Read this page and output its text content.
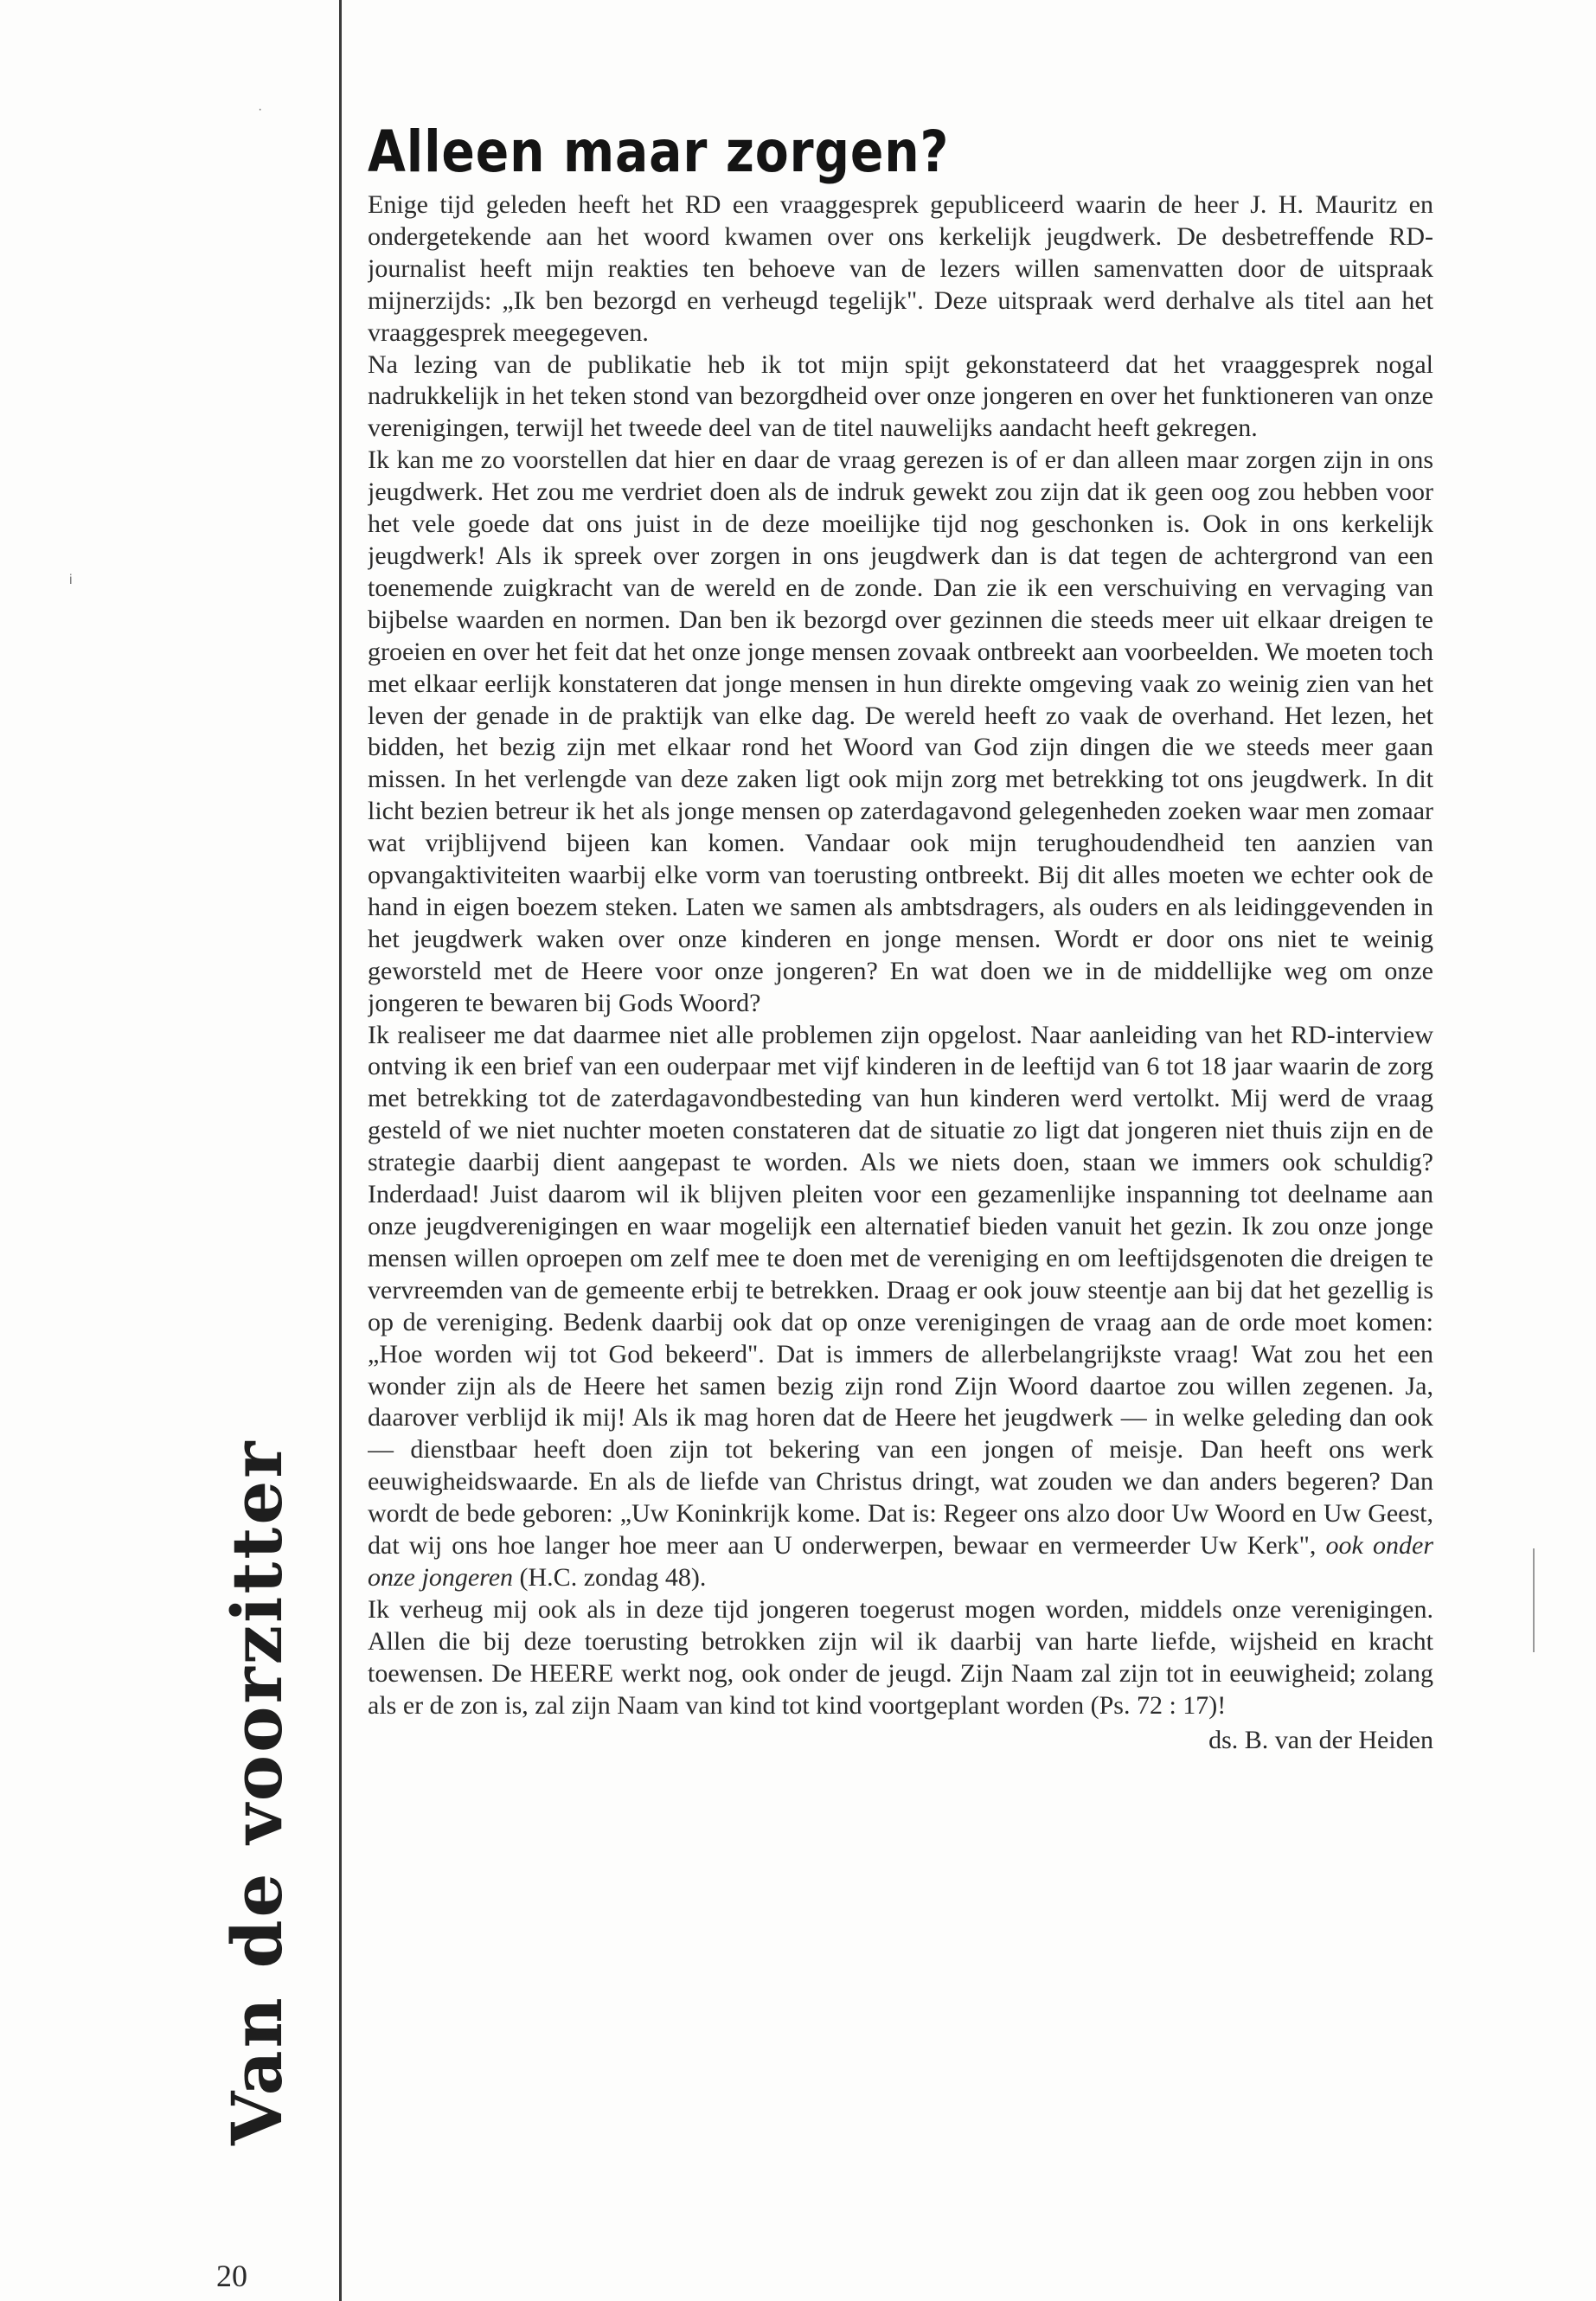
·
i
Van de voorzitter
20
Alleen maar zorgen?

Enige tijd geleden heeft het RD een vraaggesprek gepubliceerd waarin de heer J. H. Mauritz en ondergetekende aan het woord kwamen over ons kerkelijk jeugdwerk. De desbetreffende RD-journalist heeft mijn reakties ten behoeve van de lezers willen samenvatten door de uitspraak mijnerzijds: „Ik ben bezorgd en verheugd tegelijk". Deze uitspraak werd derhalve als titel aan het vraaggesprek meegegeven.

Na lezing van de publikatie heb ik tot mijn spijt gekonstateerd dat het vraaggesprek nogal nadrukkelijk in het teken stond van bezorgdheid over onze jongeren en over het funktioneren van onze verenigingen, terwijl het tweede deel van de titel nauwelijks aandacht heeft gekregen.

Ik kan me zo voorstellen dat hier en daar de vraag gerezen is of er dan alleen maar zorgen zijn in ons jeugdwerk. Het zou me verdriet doen als de indruk gewekt zou zijn dat ik geen oog zou hebben voor het vele goede dat ons juist in de deze moeilijke tijd nog geschonken is. Ook in ons kerkelijk jeugdwerk! Als ik spreek over zorgen in ons jeugdwerk dan is dat tegen de achtergrond van een toenemende zuigkracht van de wereld en de zonde. Dan zie ik een verschuiving en vervaging van bijbelse waarden en normen. Dan ben ik bezorgd over gezinnen die steeds meer uit elkaar dreigen te groeien en over het feit dat het onze jonge mensen zovaak ontbreekt aan voorbeelden. We moeten toch met elkaar eerlijk konstateren dat jonge mensen in hun direkte omgeving vaak zo weinig zien van het leven der genade in de praktijk van elke dag. De wereld heeft zo vaak de overhand. Het lezen, het bidden, het bezig zijn met elkaar rond het Woord van God zijn dingen die we steeds meer gaan missen. In het verlengde van deze zaken ligt ook mijn zorg met betrekking tot ons jeugdwerk. In dit licht bezien betreur ik het als jonge mensen op zaterdagavond gelegenheden zoeken waar men zomaar wat vrijblijvend bijeen kan komen. Vandaar ook mijn terughoudendheid ten aanzien van opvangaktiviteiten waarbij elke vorm van toerusting ontbreekt. Bij dit alles moeten we echter ook de hand in eigen boezem steken. Laten we samen als ambtsdragers, als ouders en als leidinggevenden in het jeugdwerk waken over onze kinderen en jonge mensen. Wordt er door ons niet te weinig geworsteld met de Heere voor onze jongeren? En wat doen we in de middellijke weg om onze jongeren te bewaren bij Gods Woord?

Ik realiseer me dat daarmee niet alle problemen zijn opgelost. Naar aanleiding van het RD-interview ontving ik een brief van een ouderpaar met vijf kinderen in de leeftijd van 6 tot 18 jaar waarin de zorg met betrekking tot de zaterdagavondbesteding van hun kinderen werd vertolkt. Mij werd de vraag gesteld of we niet nuchter moeten constateren dat de situatie zo ligt dat jongeren niet thuis zijn en de strategie daarbij dient aangepast te worden. Als we niets doen, staan we immers ook schuldig? Inderdaad! Juist daarom wil ik blijven pleiten voor een gezamenlijke inspanning tot deelname aan onze jeugdverenigingen en waar mogelijk een alternatief bieden vanuit het gezin. Ik zou onze jonge mensen willen oproepen om zelf mee te doen met de vereniging en om leeftijdsgenoten die dreigen te vervreemden van de gemeente erbij te betrekken. Draag er ook jouw steentje aan bij dat het gezellig is op de vereniging. Bedenk daarbij ook dat op onze verenigingen de vraag aan de orde moet komen: „Hoe worden wij tot God bekeerd". Dat is immers de allerbelangrijkste vraag! Wat zou het een wonder zijn als de Heere het samen bezig zijn rond Zijn Woord daartoe zou willen zegenen. Ja, daarover verblijd ik mij! Als ik mag horen dat de Heere het jeugdwerk — in welke geleding dan ook — dienstbaar heeft doen zijn tot bekering van een jongen of meisje. Dan heeft ons werk eeuwigheidswaarde. En als de liefde van Christus dringt, wat zouden we dan anders begeren? Dan wordt de bede geboren: „Uw Koninkrijk kome. Dat is: Regeer ons alzo door Uw Woord en Uw Geest, dat wij ons hoe langer hoe meer aan U onderwerpen, bewaar en vermeerder Uw Kerk", ook onder onze jongeren (H.C. zondag 48).

Ik verheug mij ook als in deze tijd jongeren toegerust mogen worden, middels onze verenigingen. Allen die bij deze toerusting betrokken zijn wil ik daarbij van harte liefde, wijsheid en kracht toewensen. De HEERE werkt nog, ook onder de jeugd. Zijn Naam zal zijn tot in eeuwigheid; zolang als er de zon is, zal zijn Naam van kind tot kind voortgeplant worden (Ps. 72 : 17)!

ds. B. van der Heiden
